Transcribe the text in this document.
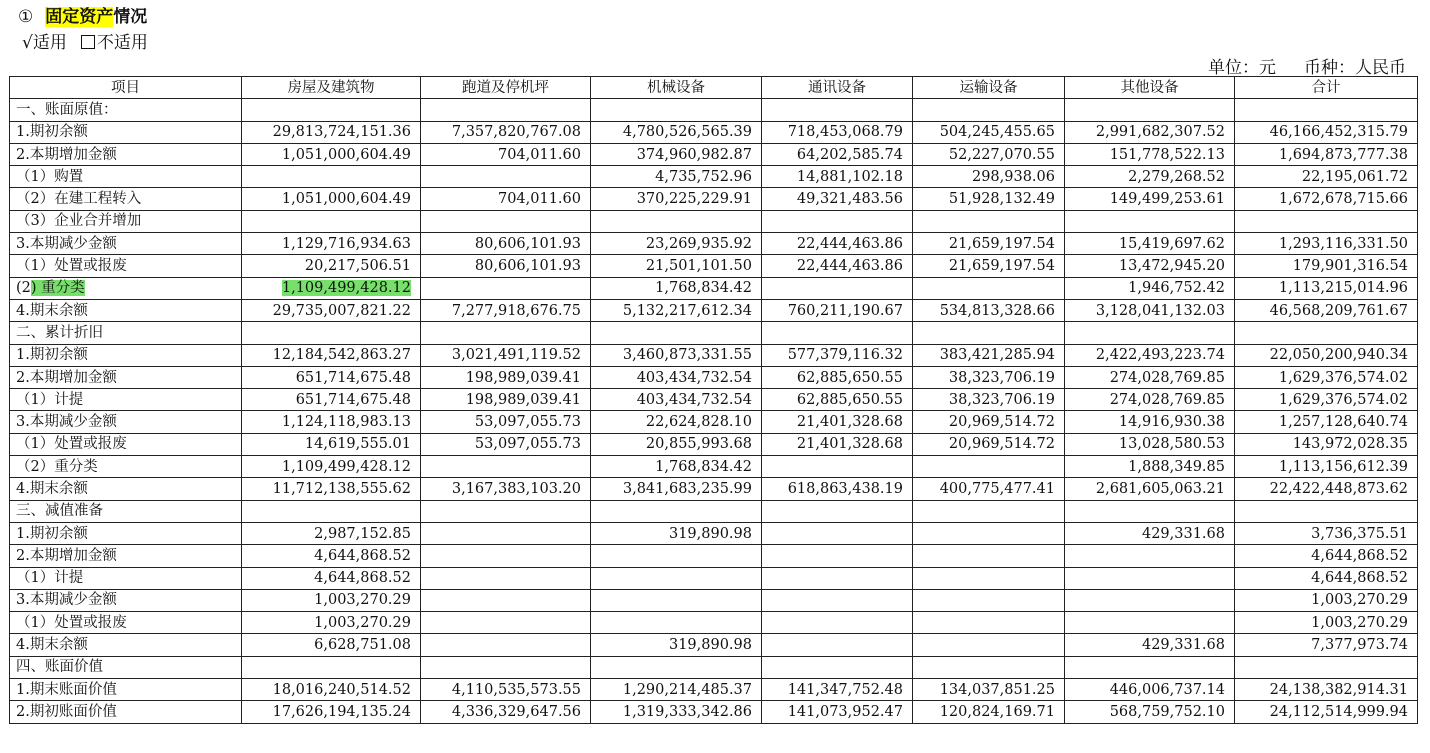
① 固定资产情况
√适用 不适用
单位：元 币种：人民币
项目	房屋及建筑物	跑道及停机坪	机械设备	通讯设备	运输设备	其他设备	合计
一、账面原值：							
1.期初余额	29,813,724,151.36	7,357,820,767.08	4,780,526,565.39	718,453,068.79	504,245,455.65	2,991,682,307.52	46,166,452,315.79
2.本期增加金额	1,051,000,604.49	704,011.60	374,960,982.87	64,202,585.74	52,227,070.55	151,778,522.13	1,694,873,777.38
（1）购置			4,735,752.96	14,881,102.18	298,938.06	2,279,268.52	22,195,061.72
（2）在建工程转入	1,051,000,604.49	704,011.60	370,225,229.91	49,321,483.56	51,928,132.49	149,499,253.61	1,672,678,715.66
（3）企业合并增加							
3.本期减少金额	1,129,716,934.63	80,606,101.93	23,269,935.92	22,444,463.86	21,659,197.54	15,419,697.62	1,293,116,331.50
（1）处置或报废	20,217,506.51	80,606,101.93	21,501,101.50	22,444,463.86	21,659,197.54	13,472,945.20	179,901,316.54
(2) 重分类	1,109,499,428.12		1,768,834.42			1,946,752.42	1,113,215,014.96
4.期末余额	29,735,007,821.22	7,277,918,676.75	5,132,217,612.34	760,211,190.67	534,813,328.66	3,128,041,132.03	46,568,209,761.67
二、累计折旧							
1.期初余额	12,184,542,863.27	3,021,491,119.52	3,460,873,331.55	577,379,116.32	383,421,285.94	2,422,493,223.74	22,050,200,940.34
2.本期增加金额	651,714,675.48	198,989,039.41	403,434,732.54	62,885,650.55	38,323,706.19	274,028,769.85	1,629,376,574.02
（1）计提	651,714,675.48	198,989,039.41	403,434,732.54	62,885,650.55	38,323,706.19	274,028,769.85	1,629,376,574.02
3.本期减少金额	1,124,118,983.13	53,097,055.73	22,624,828.10	21,401,328.68	20,969,514.72	14,916,930.38	1,257,128,640.74
（1）处置或报废	14,619,555.01	53,097,055.73	20,855,993.68	21,401,328.68	20,969,514.72	13,028,580.53	143,972,028.35
（2）重分类	1,109,499,428.12		1,768,834.42			1,888,349.85	1,113,156,612.39
4.期末余额	11,712,138,555.62	3,167,383,103.20	3,841,683,235.99	618,863,438.19	400,775,477.41	2,681,605,063.21	22,422,448,873.62
三、减值准备							
1.期初余额	2,987,152.85		319,890.98			429,331.68	3,736,375.51
2.本期增加金额	4,644,868.52						4,644,868.52
（1）计提	4,644,868.52						4,644,868.52
3.本期减少金额	1,003,270.29						1,003,270.29
（1）处置或报废	1,003,270.29						1,003,270.29
4.期末余额	6,628,751.08		319,890.98			429,331.68	7,377,973.74
四、账面价值							
1.期末账面价值	18,016,240,514.52	4,110,535,573.55	1,290,214,485.37	141,347,752.48	134,037,851.25	446,006,737.14	24,138,382,914.31
2.期初账面价值	17,626,194,135.24	4,336,329,647.56	1,319,333,342.86	141,073,952.47	120,824,169.71	568,759,752.10	24,112,514,999.94
